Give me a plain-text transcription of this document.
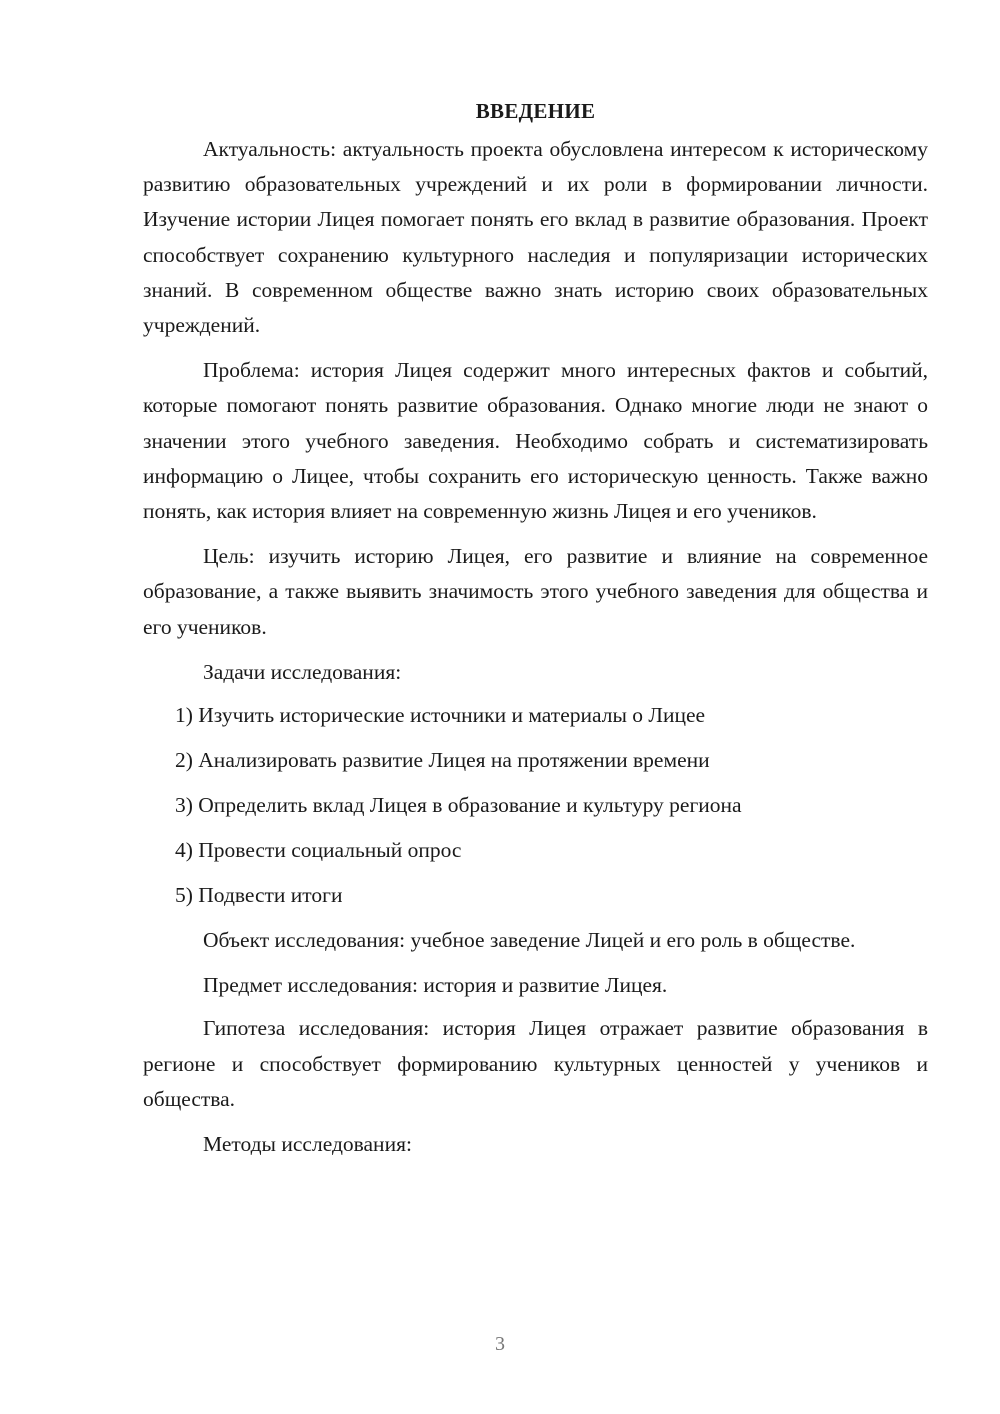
ВВЕДЕНИЕ

Актуальность: актуальность проекта обусловлена интересом к историческому развитию образовательных учреждений и их роли в формировании личности. Изучение истории Лицея помогает понять его вклад в развитие образования. Проект способствует сохранению культурного наследия и популяризации исторических знаний. В современном обществе важно знать историю своих образовательных учреждений.

Проблема: история Лицея содержит много интересных фактов и событий, которые помогают понять развитие образования. Однако многие люди не знают о значении этого учебного заведения. Необходимо собрать и систематизировать информацию о Лицее, чтобы сохранить его историческую ценность. Также важно понять, как история влияет на современную жизнь Лицея и его учеников.

Цель: изучить историю Лицея, его развитие и влияние на современное образование, а также выявить значимость этого учебного заведения для общества и его учеников.

Задачи исследования:

1) Изучить исторические источники и материалы о Лицее
2) Анализировать развитие Лицея на протяжении времени
3) Определить вклад Лицея в образование и культуру региона
4) Провести социальный опрос
5) Подвести итоги

Объект исследования: учебное заведение Лицей и его роль в обществе.

Предмет исследования: история и развитие Лицея.

Гипотеза исследования: история Лицея отражает развитие образования в регионе и способствует формированию культурных ценностей у учеников и общества.

Методы исследования:

3
